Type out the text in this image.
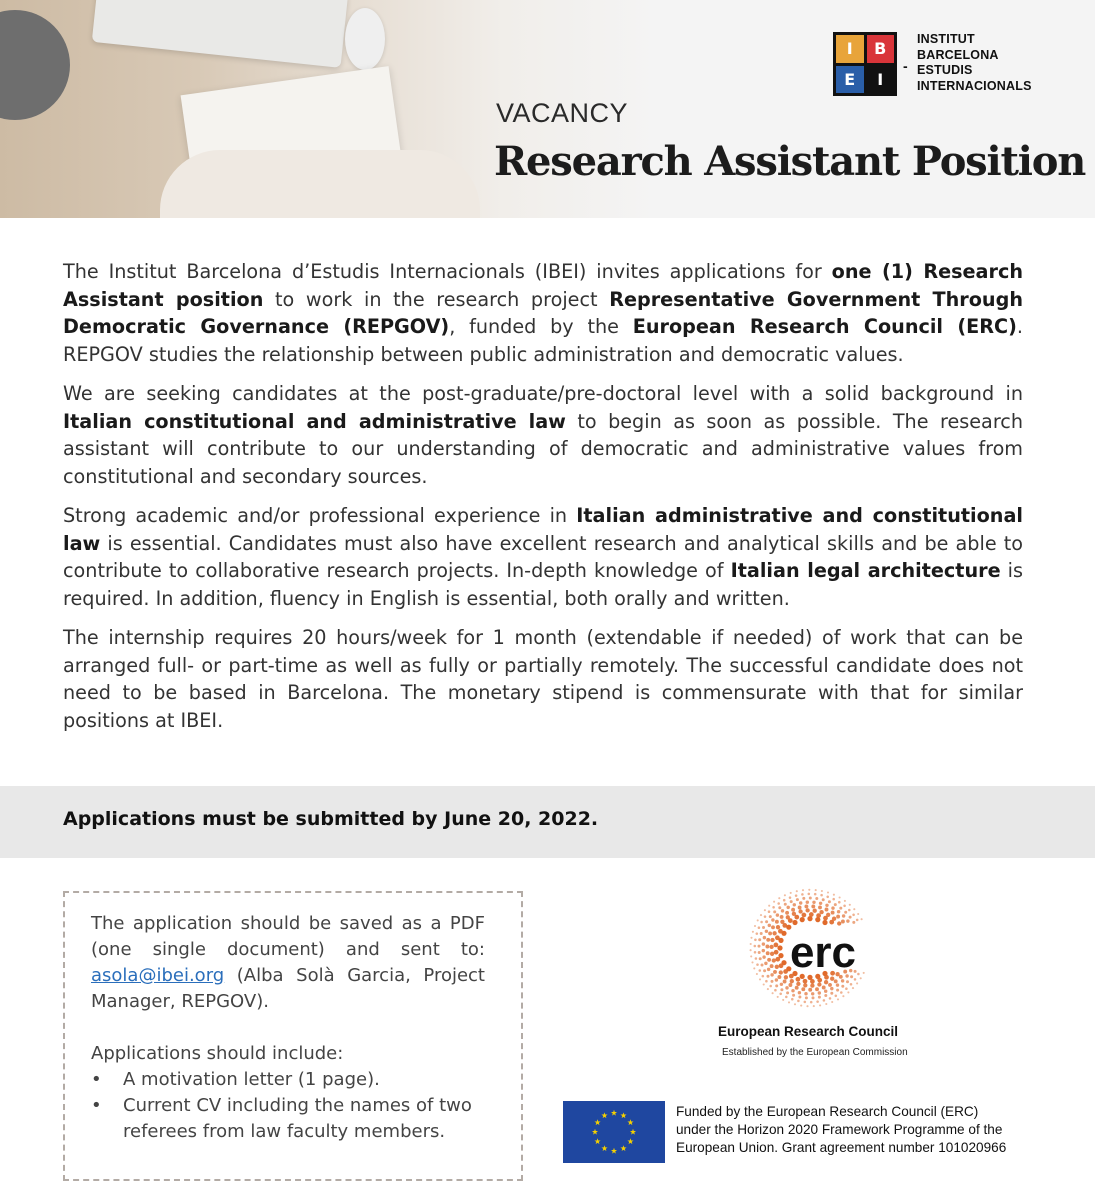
I	B
E	I
-
INSTITUT
BARCELONA
ESTUDIS
INTERNACIONALS
VACANCY
Research Assistant Position

The Institut Barcelona d’Estudis Internacionals (IBEI) invites applications for one (1) Research Assistant position to work in the research project Representative Government Through Democratic Governance (REPGOV), funded by the European Research Council (ERC). REPGOV studies the relationship between public administration and democratic values.

We are seeking candidates at the post-graduate/pre-doctoral level with a solid background in Italian constitutional and administrative law to begin as soon as possible. The research assistant will contribute to our understanding of democratic and administrative values from constitutional and secondary sources.

Strong academic and/or professional experience in Italian administrative and constitutional law is essential. Candidates must also have excellent research and analytical skills and be able to contribute to collaborative research projects. In-depth knowledge of Italian legal architecture is required. In addition, fluency in English is essential, both orally and written.

The internship requires 20 hours/week for 1 month (extendable if needed) of work that can be arranged full- or part-time as well as fully or partially remotely. The successful candidate does not need to be based in Barcelona. The monetary stipend is commensurate with that for similar positions at IBEI.

Applications must be submitted by June 20, 2022.
The application should be saved as a PDF (one single document) and sent to: asola@ibei.org (Alba Solà Garcia, Project Manager, REPGOV).
Applications should include:
• A motivation letter (1 page).
• Current CV including the names of two referees from law faculty members.
erc
European Research Council
Established by the European Commission
Funded by the European Research Council (ERC)
under the Horizon 2020 Framework Programme of the
European Union. Grant agreement number 101020966
